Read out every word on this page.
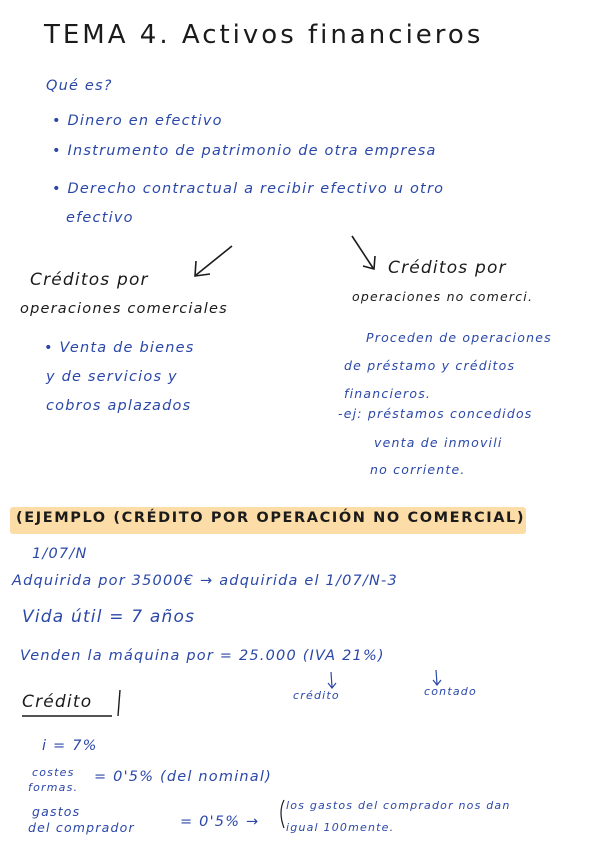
TEMA 4. Activos financieros
Qué es?
• Dinero en efectivo
• Instrumento de patrimonio de otra empresa
• Derecho contractual a recibir efectivo u otro
efectivo
Créditos por
operaciones comerciales
• Venta de bienes
y de servicios y
cobros aplazados
Créditos por
operaciones no comerci.
Proceden de operaciones
de préstamo y créditos
financieros.
-ej: préstamos concedidos
venta de inmovili
no corriente.
(EJEMPLO (CRÉDITO POR OPERACIÓN NO COMERCIAL)
1/07/N
Adquirida por 35000€ → adquirida el 1/07/N-3
Vida útil = 7 años
Venden la máquina por = 25.000 (IVA 21%)
crédito	contado
Crédito
i = 7%
costes
formas.
= 0'5% (del nominal)
gastos
del comprador	= 0'5% →
los gastos del comprador nos dan
igual 100mente.
